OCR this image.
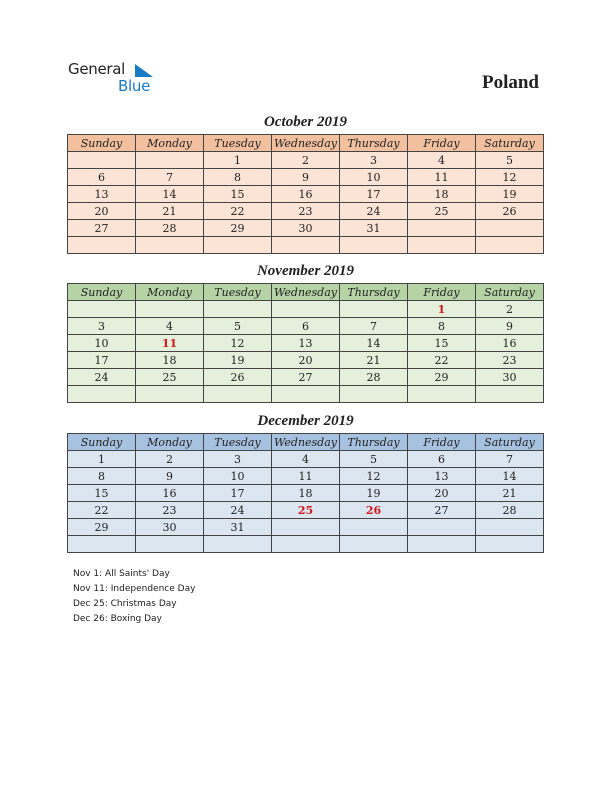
General
Blue	Poland
October 2019
Sunday	Monday	Tuesday	Wednesday	Thursday	Friday	Saturday
		1	2	3	4	5
6	7	8	9	10	11	12
13	14	15	16	17	18	19
20	21	22	23	24	25	26
27	28	29	30	31		

November 2019
Sunday	Monday	Tuesday	Wednesday	Thursday	Friday	Saturday
					1	2
3	4	5	6	7	8	9
10	11	12	13	14	15	16
17	18	19	20	21	22	23
24	25	26	27	28	29	30

December 2019
Sunday	Monday	Tuesday	Wednesday	Thursday	Friday	Saturday
1	2	3	4	5	6	7
8	9	10	11	12	13	14
15	16	17	18	19	20	21
22	23	24	25	26	27	28
29	30	31				

Nov 1: All Saints' Day
Nov 11: Independence Day
Dec 25: Christmas Day
Dec 26: Boxing Day
